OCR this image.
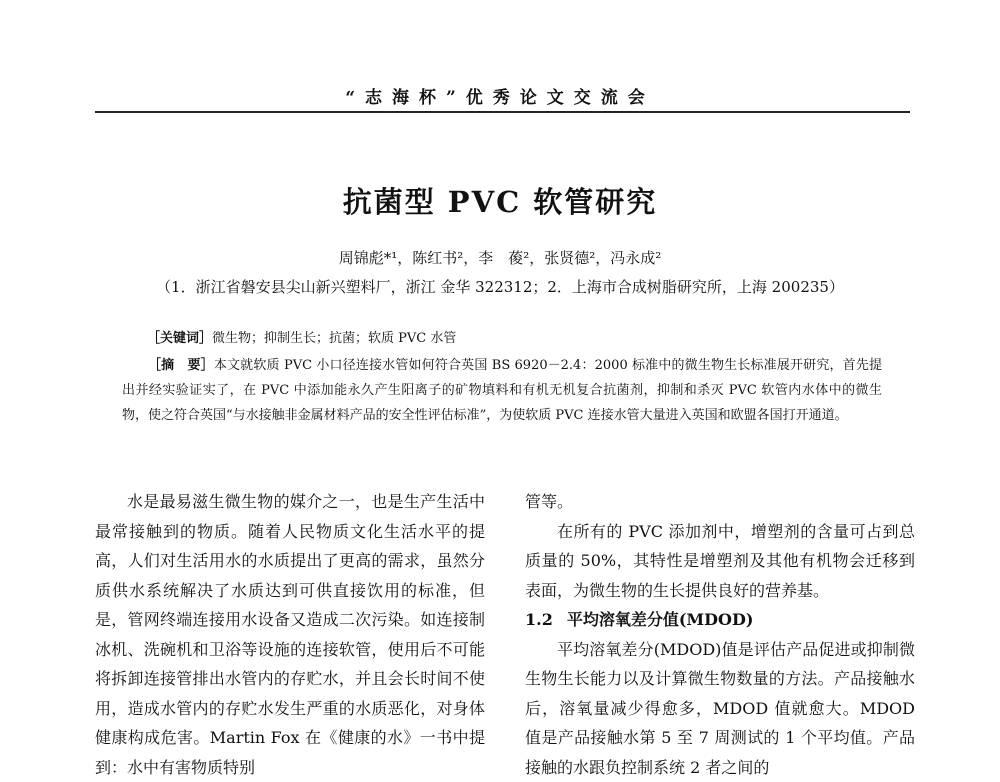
“志海杯”优秀论文交流会
抗菌型 PVC 软管研究
周锦彪*¹，陈红书²，李　葰²，张贤德²，冯永成²
（1．浙江省磐安县尖山新兴塑料厂，浙江 金华 322312；2．上海市合成树脂研究所，上海 200235）
［关键词］微生物；抑制生长；抗菌；软质 PVC 水管

［摘　要］本文就软质 PVC 小口径连接水管如何符合英国 BS 6920－2.4：2000 标准中的微生物生长标准展开研究，首先提出并经实验证实了，在 PVC 中添加能永久产生阳离子的矿物填料和有机无机复合抗菌剂，抑制和杀灭 PVC 软管内水体中的微生物，使之符合英国“与水接触非金属材料产品的安全性评估标准”，为使软质 PVC 连接水管大量进入英国和欧盟各国打开通道。

水是最易滋生微生物的媒介之一，也是生产生活中最常接触到的物质。随着人民物质文化生活水平的提高，人们对生活用水的水质提出了更高的需求，虽然分质供水系统解决了水质达到可供直接饮用的标准，但是，管网终端连接用水设备又造成二次污染。如连接制冰机、洗碗机和卫浴等设施的连接软管，使用后不可能将拆卸连接管排出水管内的存贮水，并且会长时间不使用，造成水管内的存贮水发生严重的水质恶化，对身体健康构成危害。Martin Fox 在《健康的水》一书中提到：水中有害物质特别

管等。

在所有的 PVC 添加剂中，增塑剂的含量可占到总质量的 50%，其特性是增塑剂及其他有机物会迁移到表面，为微生物的生长提供良好的营养基。

1.2 平均溶氧差分值(MDOD)

平均溶氧差分(MDOD)值是评估产品促进或抑制微生物生长能力以及计算微生物数量的方法。产品接触水后，溶氧量减少得愈多，MDOD 值就愈大。MDOD 值是产品接触水第 5 至 7 周测试的 1 个平均值。产品接触的水跟负控制系统 2 者之间的
